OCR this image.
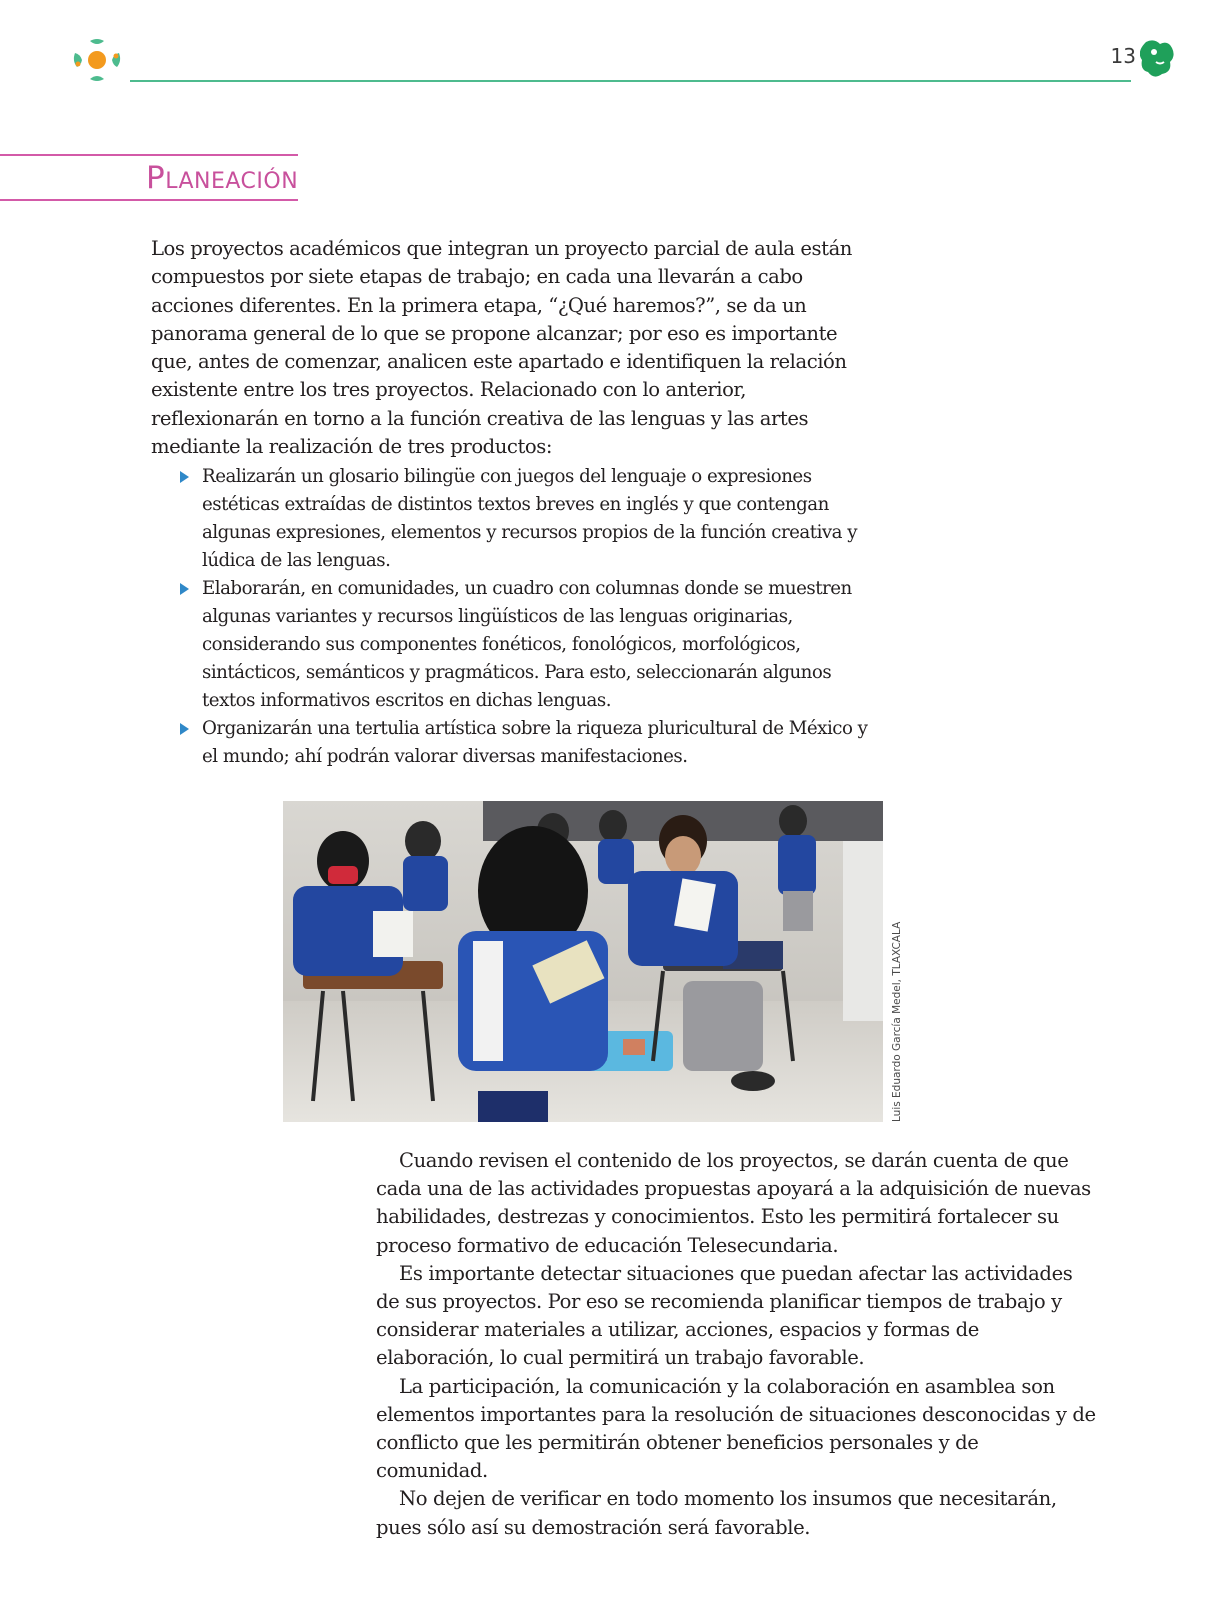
13
Planeación

Los proyectos académicos que integran un proyecto parcial de aula están compuestos por siete etapas de trabajo; en cada una llevarán a cabo acciones diferentes. En la primera etapa, “¿Qué haremos?”, se da un panorama general de lo que se propone alcanzar; por eso es importante que, antes de comenzar, analicen este apartado e identifiquen la relación existente entre los tres proyectos. Relacionado con lo anterior, reflexionarán en torno a la función creativa de las lenguas y las artes mediante la realización de tres productos:

Realizarán un glosario bilingüe con juegos del lenguaje o expresiones estéticas extraídas de distintos textos breves en inglés y que contengan algunas expresiones, elementos y recursos propios de la función creativa y lúdica de las lenguas.
Elaborarán, en comunidades, un cuadro con columnas donde se muestren algunas variantes y recursos lingüísticos de las lenguas originarias, considerando sus componentes fonéticos, fonológicos, morfológicos, sintácticos, semánticos y pragmáticos. Para esto, seleccionarán algunos textos informativos escritos en dichas lenguas.
Organizarán una tertulia artística sobre la riqueza pluricultural de México y el mundo; ahí podrán valorar diversas manifestaciones.
Luis Eduardo García Medel, TLAXCALA

Cuando revisen el contenido de los proyectos, se darán cuenta de que cada una de las actividades propuestas apoyará a la adquisición de nuevas habilidades, destrezas y conocimientos. Esto les permitirá fortalecer su proceso formativo de educación Telesecundaria.

Es importante detectar situaciones que puedan afectar las actividades de sus proyectos. Por eso se recomienda planificar tiempos de trabajo y considerar materiales a utilizar, acciones, espacios y formas de elaboración, lo cual permitirá un trabajo favorable.

La participación, la comunicación y la colaboración en asamblea son elementos importantes para la resolución de situaciones desconocidas y de conflicto que les permitirán obtener beneficios personales y de comunidad.

No dejen de verificar en todo momento los insumos que necesitarán, pues sólo así su demostración será favorable.
